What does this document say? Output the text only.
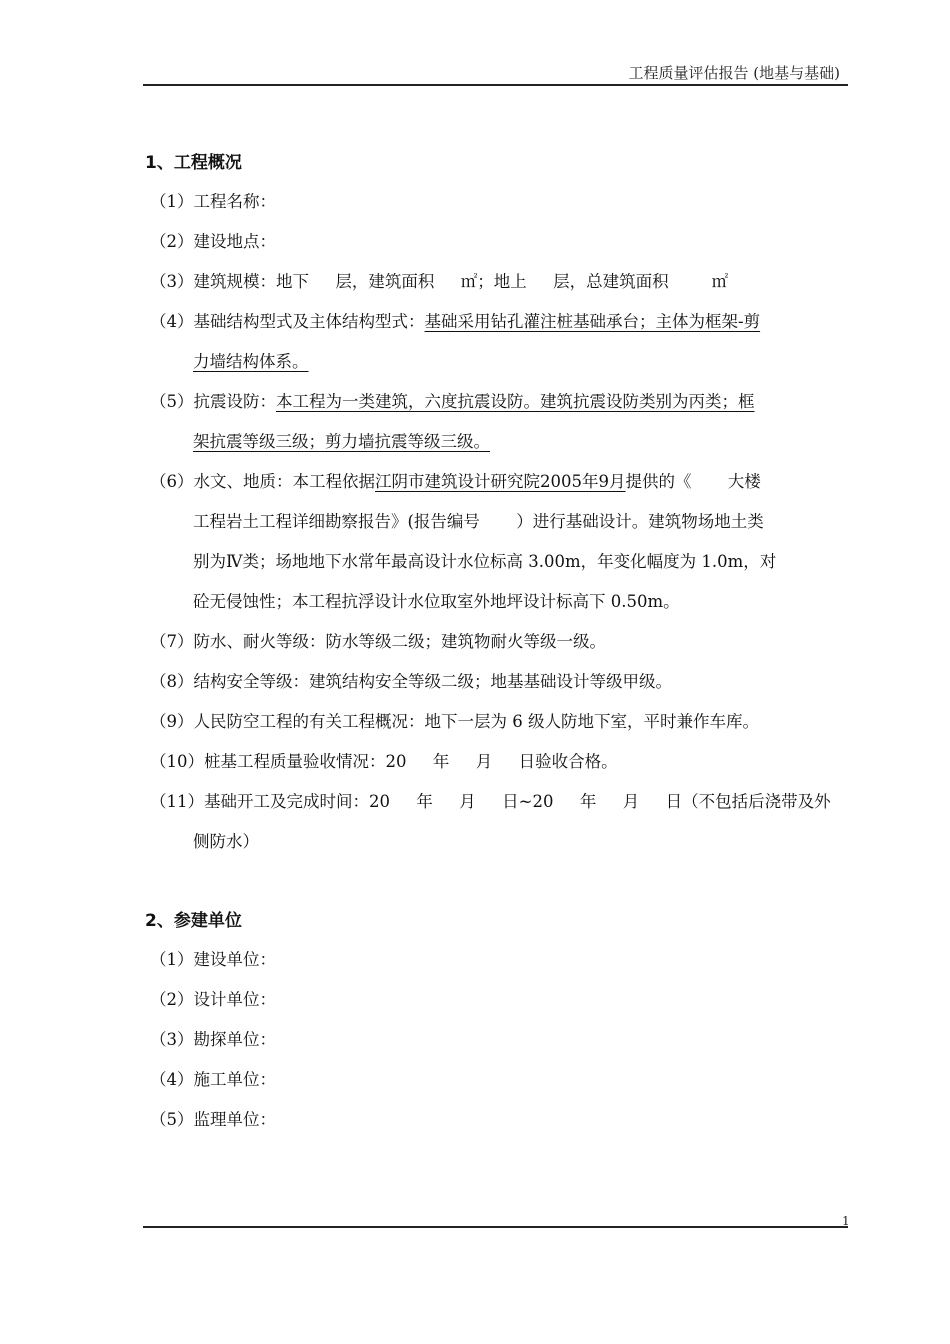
工程质量评估报告 (地基与基础)
1、工程概况
（1）工程名称：
（2）建设地点：
（3）建筑规模：地下 层，建筑面积 ㎡；地上 层，总建筑面积	㎡
（4）基础结构型式及主体结构型式：基础采用钻孔灌注桩基础承台；主体为框架-剪
力墙结构体系。
（5）抗震设防：本工程为一类建筑，六度抗震设防。建筑抗震设防类别为丙类；框
架抗震等级三级；剪力墙抗震等级三级。
（6）水文、地质：本工程依据江阴市建筑设计研究院2005年9月提供的《 大楼
工程岩土工程详细勘察报告》(报告编号 ）进行基础设计。建筑物场地土类
别为Ⅳ类；场地地下水常年最高设计水位标高 3.00m，年变化幅度为 1.0m，对
砼无侵蚀性；本工程抗浮设计水位取室外地坪设计标高下 0.50m。
（7）防水、耐火等级：防水等级二级；建筑物耐火等级一级。
（8）结构安全等级：建筑结构安全等级二级；地基基础设计等级甲级。
（9）人民防空工程的有关工程概况：地下一层为 6 级人防地下室，平时兼作车库。
（10）桩基工程质量验收情况：20 年 月 日验收合格。
（11）基础开工及完成时间：20 年 月 日~20 年 月 日（不包括后浇带及外
侧防水）
2、参建单位
（1）建设单位：
（2）设计单位：
（3）勘探单位：
（4）施工单位：
（5）监理单位：
1
